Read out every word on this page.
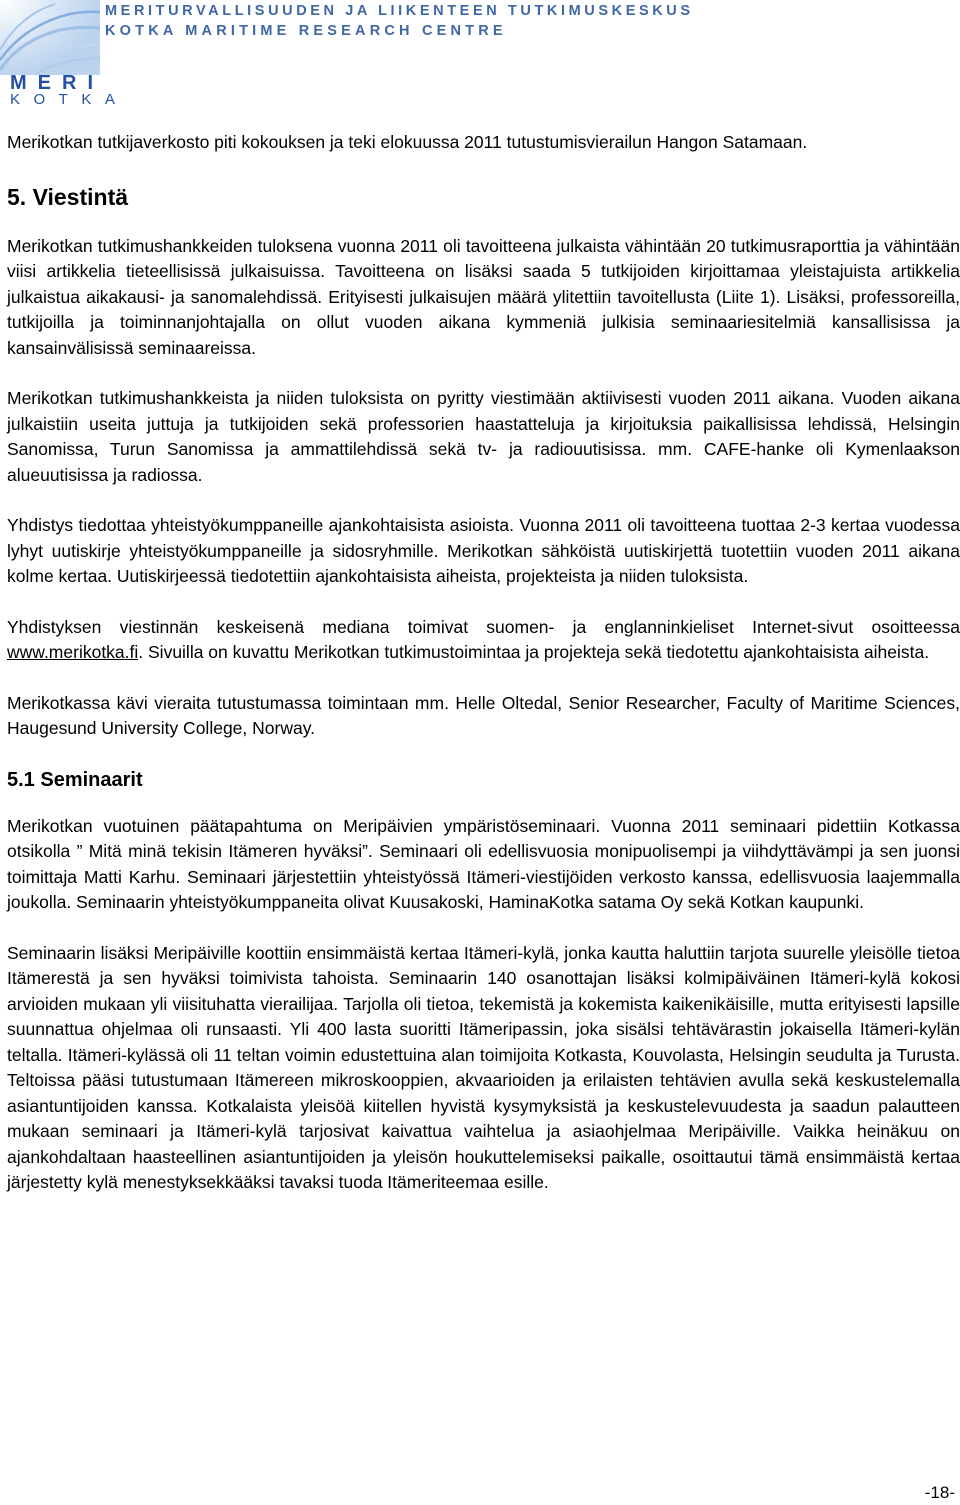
MERITURVALLISUUDEN JA LIIKENTEEN TUTKIMUSKESKUS
KOTKA MARITIME RESEARCH CENTRE
MERI
KOTKA

Merikotkan tutkijaverkosto piti kokouksen ja teki elokuussa 2011 tutustumisvierailun Hangon Satamaan.

5. Viestintä

Merikotkan tutkimushankkeiden tuloksena vuonna 2011 oli tavoitteena julkaista vähintään 20 tutkimusraporttia ja vähintään viisi artikkelia tieteellisissä julkaisuissa. Tavoitteena on lisäksi saada 5 tutkijoiden kirjoittamaa yleistajuista artikkelia julkaistua aikakausi- ja sanomalehdissä. Erityisesti julkaisujen määrä ylitettiin tavoitellusta (Liite 1). Lisäksi, professoreilla, tutkijoilla ja toiminnanjohtajalla on ollut vuoden aikana kymmeniä julkisia seminaariesitelmiä kansallisissa ja kansainvälisissä seminaareissa.

Merikotkan tutkimushankkeista ja niiden tuloksista on pyritty viestimään aktiivisesti vuoden 2011 aikana. Vuoden aikana julkaistiin useita juttuja ja tutkijoiden sekä professorien haastatteluja ja kirjoituksia paikallisissa lehdissä, Helsingin Sanomissa, Turun Sanomissa ja ammattilehdissä sekä tv- ja radiouutisissa. mm. CAFE-hanke oli Kymenlaakson alueuutisissa ja radiossa.

Yhdistys tiedottaa yhteistyökumppaneille ajankohtaisista asioista. Vuonna 2011 oli tavoitteena tuottaa 2-3 kertaa vuodessa lyhyt uutiskirje yhteistyökumppaneille ja sidosryhmille. Merikotkan sähköistä uutiskirjettä tuotettiin vuoden 2011 aikana kolme kertaa. Uutiskirjeessä tiedotettiin ajankohtaisista aiheista, projekteista ja niiden tuloksista.

Yhdistyksen viestinnän keskeisenä mediana toimivat suomen- ja englanninkieliset Internet-sivut osoitteessa www.merikotka.fi. Sivuilla on kuvattu Merikotkan tutkimustoimintaa ja projekteja sekä tiedotettu ajankohtaisista aiheista.

Merikotkassa kävi vieraita tutustumassa toimintaan mm. Helle Oltedal, Senior Researcher, Faculty of Maritime Sciences, Haugesund University College, Norway.

5.1 Seminaarit

Merikotkan vuotuinen päätapahtuma on Meripäivien ympäristöseminaari. Vuonna 2011 seminaari pidettiin Kotkassa otsikolla ” Mitä minä tekisin Itämeren hyväksi”. Seminaari oli edellisvuosia monipuolisempi ja viihdyttävämpi ja sen juonsi toimittaja Matti Karhu. Seminaari järjestettiin yhteistyössä Itämeri-viestijöiden verkosto kanssa, edellisvuosia laajemmalla joukolla. Seminaarin yhteistyökumppaneita olivat Kuusakoski, HaminaKotka satama Oy sekä Kotkan kaupunki.

Seminaarin lisäksi Meripäiville koottiin ensimmäistä kertaa Itämeri-kylä, jonka kautta haluttiin tarjota suurelle yleisölle tietoa Itämerestä ja sen hyväksi toimivista tahoista. Seminaarin 140 osanottajan lisäksi kolmipäiväinen Itämeri-kylä kokosi arvioiden mukaan yli viisituhatta vierailijaa. Tarjolla oli tietoa, tekemistä ja kokemista kaikenikäisille, mutta erityisesti lapsille suunnattua ohjelmaa oli runsaasti. Yli 400 lasta suoritti Itämeripassin, joka sisälsi tehtävärastin jokaisella Itämeri-kylän teltalla. Itämeri-kylässä oli 11 teltan voimin edustettuina alan toimijoita Kotkasta, Kouvolasta, Helsingin seudulta ja Turusta. Teltoissa pääsi tutustumaan Itämereen mikroskooppien, akvaarioiden ja erilaisten tehtävien avulla sekä keskustelemalla asiantuntijoiden kanssa. Kotkalaista yleisöä kiitellen hyvistä kysymyksistä ja keskustelevuudesta ja saadun palautteen mukaan seminaari ja Itämeri-kylä tarjosivat kaivattua vaihtelua ja asiaohjelmaa Meripäiville. Vaikka heinäkuu on ajankohdaltaan haasteellinen asiantuntijoiden ja yleisön houkuttelemiseksi paikalle, osoittautui tämä ensimmäistä kertaa järjestetty kylä menestyksekkääksi tavaksi tuoda Itämeriteemaa esille.

-18-
